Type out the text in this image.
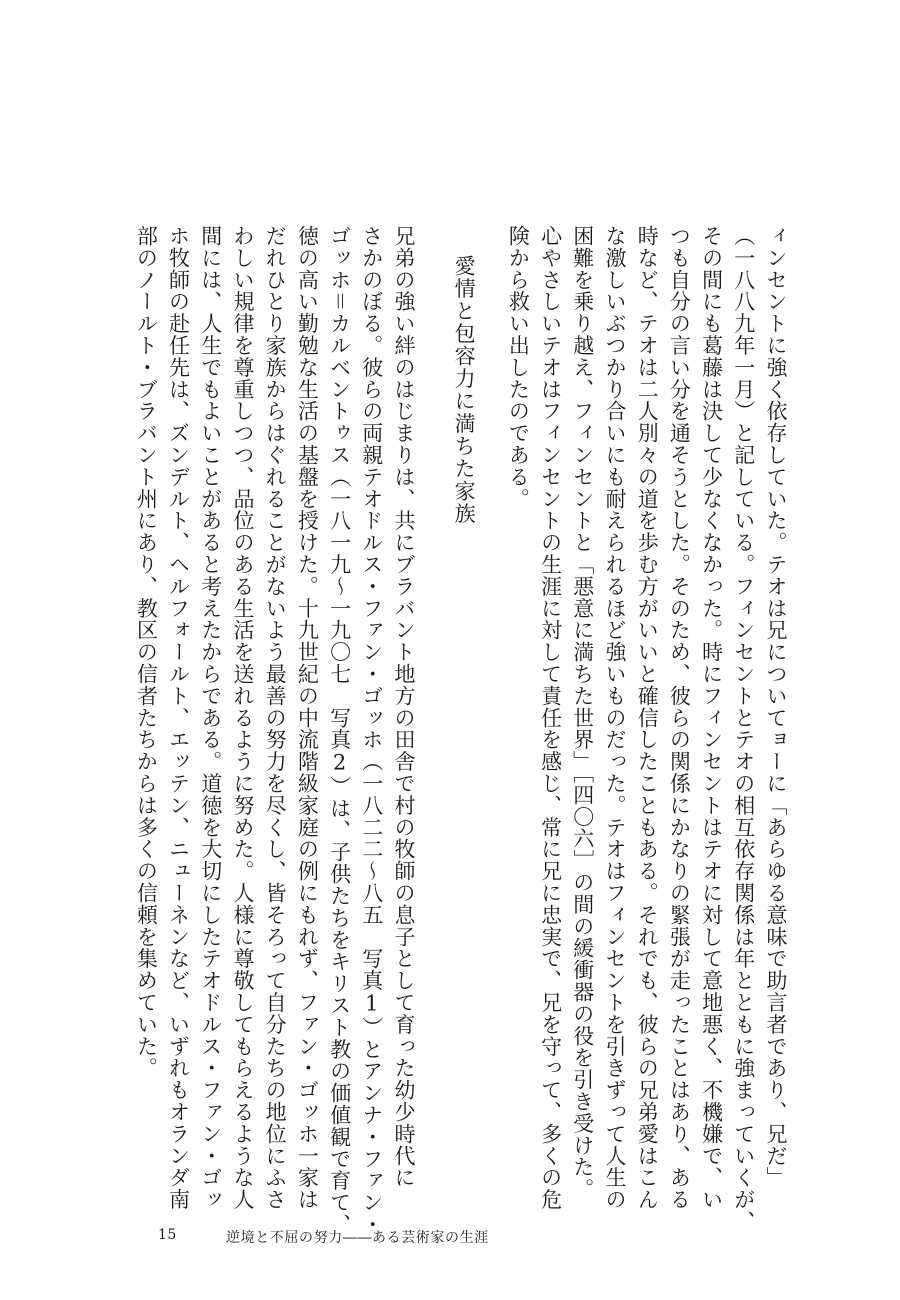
ィンセントに強く依存していた。テオは兄についてョーに「あらゆる意味で助言者であり、兄だ」
（一八八九年一月）と記している。フィンセントとテオの相互依存関係は年とともに強まっていくが、
その間にも葛藤は決して少なくなかった。時にフィンセントはテオに対して意地悪く、不機嫌で、い
つも自分の言い分を通そうとした。そのため、彼らの関係にかなりの緊張が走ったことはあり、ある
時など、テオは二人別々の道を歩む方がいいと確信したこともある。それでも、彼らの兄弟愛はこん
な激しいぶつかり合いにも耐えられるほど強いものだった。テオはフィンセントを引きずって人生の
困難を乗り越え、フィンセントと「悪意に満ちた世界」［四〇六］の間の緩衝器の役を引き受けた。
心やさしいテオはフィンセントの生涯に対して責任を感じ、常に兄に忠実で、兄を守って、多くの危
険から救い出したのである。
愛情と包容力に満ちた家族
兄弟の強い絆のはじまりは、共にブラバント地方の田舎で村の牧師の息子として育った幼少時代に
さかのぼる。彼らの両親テオドルス・ファン・ゴッホ（一八二二〜八五　写真1）とアンナ・ファン・
ゴッホ＝カルベントゥス（一八一九〜一九〇七　写真2）は、子供たちをキリスト教の価値観で育て、
徳の高い勤勉な生活の基盤を授けた。十九世紀の中流階級家庭の例にもれず、ファン・ゴッホ一家は
だれひとり家族からはぐれることがないよう最善の努力を尽くし、皆そろって自分たちの地位にふさ
わしい規律を尊重しつつ、品位のある生活を送れるように努めた。人様に尊敬してもらえるような人
間には、人生でもよいことがあると考えたからである。道徳を大切にしたテオドルス・ファン・ゴッ
ホ牧師の赴任先は、ズンデルト、ヘルフォールト、エッテン、ニューネンなど、いずれもオランダ南
部のノールト・ブラバント州にあり、教区の信者たちからは多くの信頼を集めていた。
15	逆境と不屈の努力――ある芸術家の生涯
